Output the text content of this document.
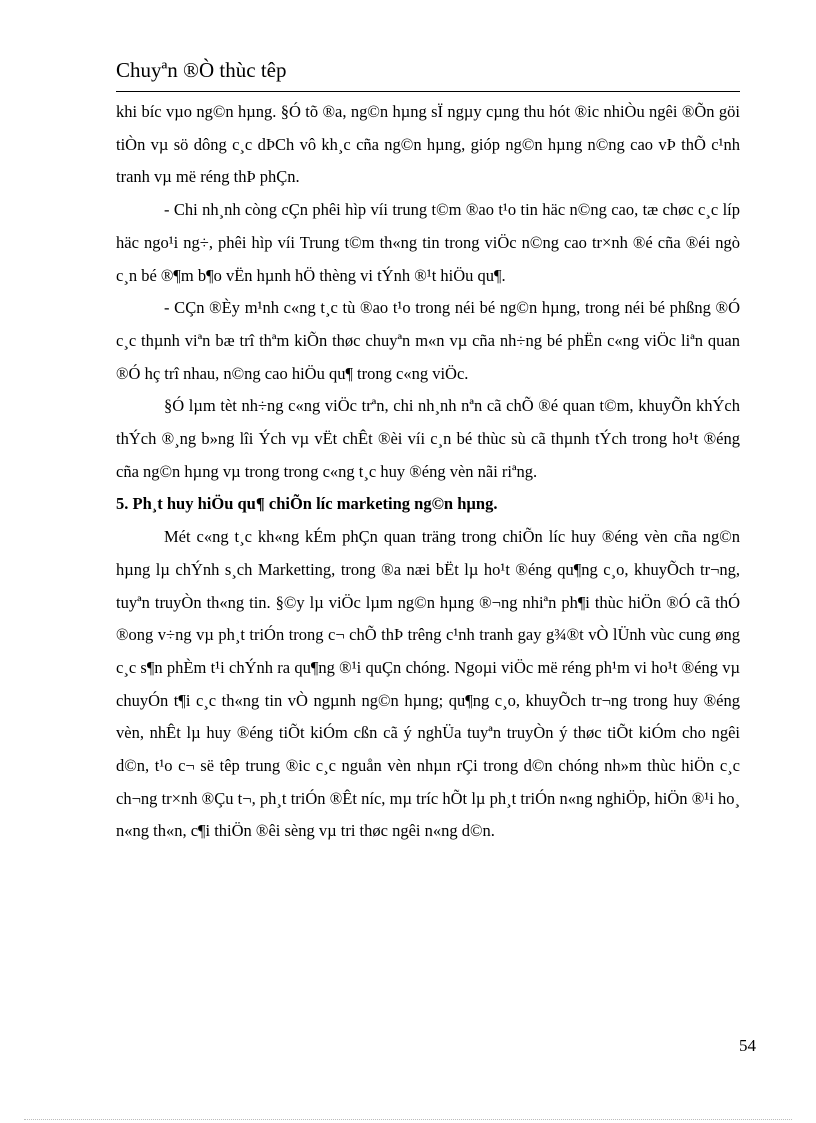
Chuyªn ®Ò thùc têp

khi bíc vµo ng©n hµng. §Ó tõ ®a, ng©n hµng sÏ ngµy cµng thu hót ®ic nhiÒu ngêi ®Õn göi tiÒn vµ sö dông c¸c dÞCh vô kh¸c cña ng©n hµng, gióp ng©n hµng n©ng cao vÞ thÕ c¹nh tranh vµ më réng thÞ phÇn.

- Chi nh¸nh còng cÇn phêi hìp víi trung t©m ®ao t¹o tin häc n©ng cao, tæ chøc c¸c líp häc ngo¹i ng÷, phêi hìp víi Trung t©m th«ng tin trong viÖc n©ng cao tr×nh ®é cña ®éi ngò c¸n bé ®¶m b¶o vËn hµnh hÖ thèng vi tÝnh ®¹t hiÖu qu¶.

- CÇn ®Èy m¹nh c«ng t¸c tù ®ao t¹o trong néi bé ng©n hµng, trong néi bé phßng ®Ó c¸c thµnh viªn bæ trî thªm kiÕn thøc chuyªn m«n vµ cña nh÷ng bé phËn c«ng viÖc liªn quan ®Ó hç trî nhau, n©ng cao hiÖu qu¶ trong c«ng viÖc.

§Ó lµm tèt nh÷ng c«ng viÖc trªn, chi nh¸nh nªn cã chÕ ®é quan t©m, khuyÕn khÝch thÝch ®¸ng b»ng lîi Ých vµ vËt chÊt ®èi víi c¸n bé thùc sù cã thµnh tÝch trong ho¹t ®éng cña ng©n hµng vµ trong trong c«ng t¸c huy ®éng vèn nãi riªng.

5. Ph¸t huy hiÖu qu¶ chiÕn líc marketing ng©n hµng.

Mét c«ng t¸c kh«ng kÉm phÇn quan träng trong chiÕn líc huy ®éng vèn cña ng©n hµng lµ chÝnh s¸ch Marketting, trong ®a næi bËt lµ ho¹t ®éng qu¶ng c¸o, khuyÕch tr¬ng, tuyªn truyÒn th«ng tin. §©y lµ viÖc lµm ng©n hµng ®¬ng nhiªn ph¶i thùc hiÖn ®Ó cã thÓ ®ong v÷ng vµ ph¸t triÓn trong c¬ chÕ thÞ trêng c¹nh tranh gay g¾®t vÒ lÜnh vùc cung øng c¸c s¶n phÈm t¹i chÝnh ra qu¶ng ®¹i quÇn chóng. Ngoµi viÖc më réng ph¹m vi ho¹t ®éng vµ chuyÓn t¶i c¸c th«ng tin vÒ ngµnh ng©n hµng; qu¶ng c¸o, khuyÕch tr¬ng trong huy ®éng vèn, nhÊt lµ huy ®éng tiÕt kiÓm cßn cã ý nghÜa tuyªn truyÒn ý thøc tiÕt kiÓm cho ngêi d©n, t¹o c¬ së têp trung ®ic c¸c nguån vèn nhµn rÇi trong d©n chóng nh»m thùc hiÖn c¸c ch¬ng tr×nh ®Çu t¬, ph¸t triÓn ®Êt níc, mµ tríc hÕt lµ ph¸t triÓn n«ng nghiÖp, hiÖn ®¹i ho¸ n«ng th«n, c¶i thiÖn ®êi sèng vµ tri thøc ngêi n«ng d©n.

54
